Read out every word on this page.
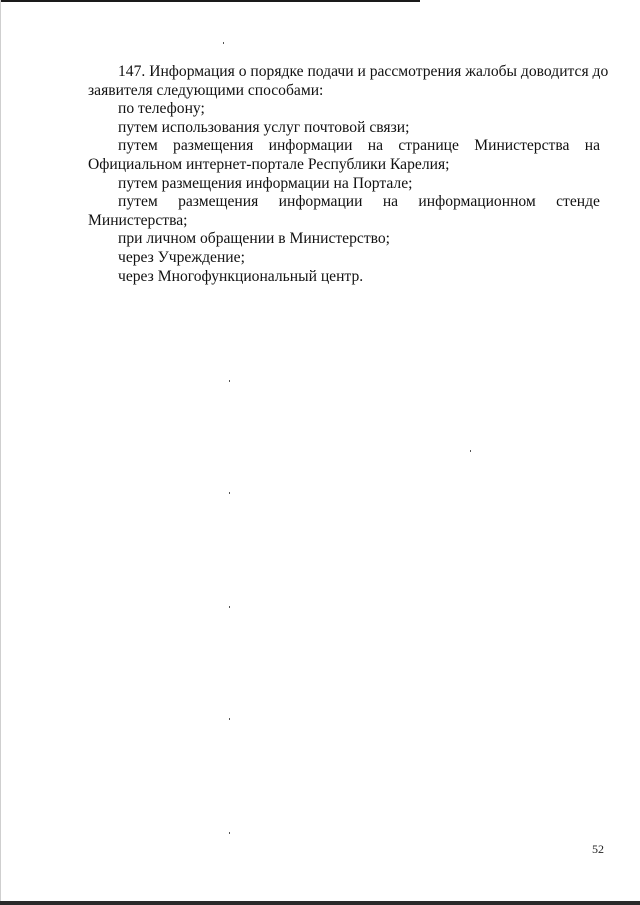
147. Информация о порядке подачи и рассмотрения жалобы доводится до
заявителя следующими способами:
по телефону;
путем использования услуг почтовой связи;
путем размещения информации на странице Министерства на
Официальном интернет-портале Республики Карелия;
путем размещения информации на Портале;
путем размещения информации на информационном стенде
Министерства;
при личном обращении в Министерство;
через Учреждение;
через Многофункциональный центр.
52
